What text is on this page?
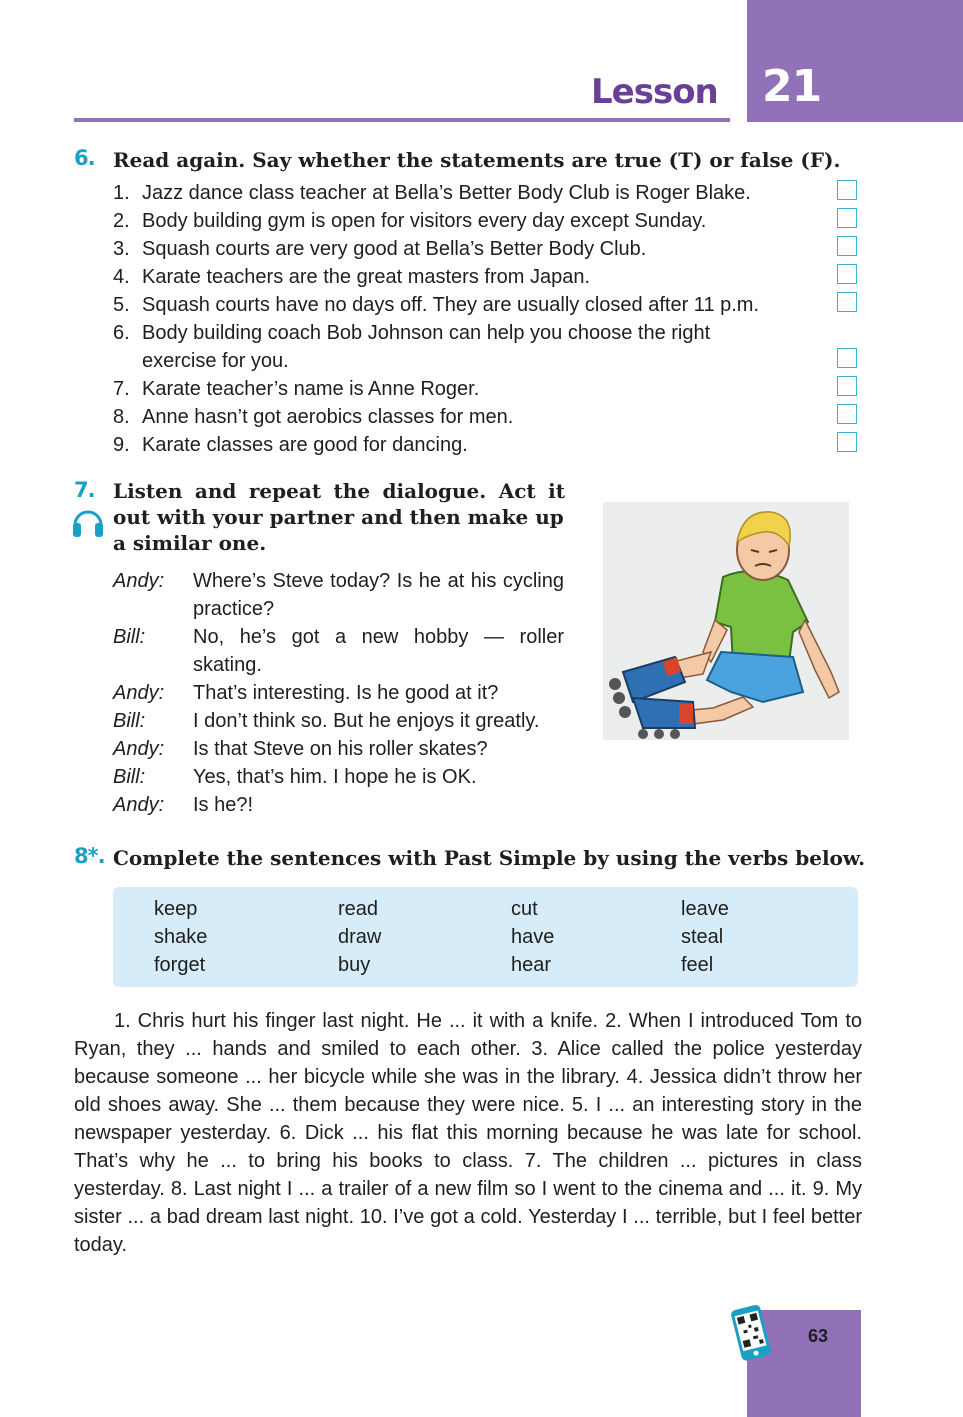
21
Lesson
6. Read again. Say whether the statements are true (T) or false (F).
1. Jazz dance class teacher at Bella’s Better Body Club is Roger Blake.
2. Body building gym is open for visitors every day except Sunday.
3. Squash courts are very good at Bella’s Better Body Club.
4. Karate teachers are the great masters from Japan.
5. Squash courts have no days off. They are usually closed after 11 p.m.
6. Body building coach Bob Johnson can help you choose the right
exercise for you.
7. Karate teacher’s name is Anne Roger.
8. Anne hasn’t got aerobics classes for men.
9. Karate classes are good for dancing.
7. Listen and repeat the dialogue. Act it
out with your partner and then make up
a similar one.
Andy: Where’s Steve today? Is he at his cycling practice?
Bill: No, he’s got a new hobby — roller skating.
Andy: That’s interesting. Is he good at it?
Bill: I don’t think so. But he enjoys it greatly.
Andy: Is that Steve on his roller skates?
Bill: Yes, that’s him. I hope he is OK.
Andy: Is he?!
8*. Complete the sentences with Past Simple by using the verbs below.
keep	read	cut	leave
shake	draw	have	steal
forget	buy	hear	feel
1. Chris hurt his finger last night. He ... it with a knife. 2. When I introduced Tom to Ryan, they ... hands and smiled to each other. 3. Alice called the police yesterday because someone ... her bicycle while she was in the library. 4. Jessica didn’t throw her old shoes away. She ... them because they were nice. 5. I ... an interesting story in the newspaper yesterday. 6. Dick ... his flat this morning because he was late for school. That’s why he ... to bring his books to class. 7. The children ... pictures in class yesterday. 8. Last night I ... a trailer of a new film so I went to the cinema and ... it. 9. My sister ... a bad dream last night. 10. I’ve got a cold. Yesterday I ... terrible, but I feel better today.
63
